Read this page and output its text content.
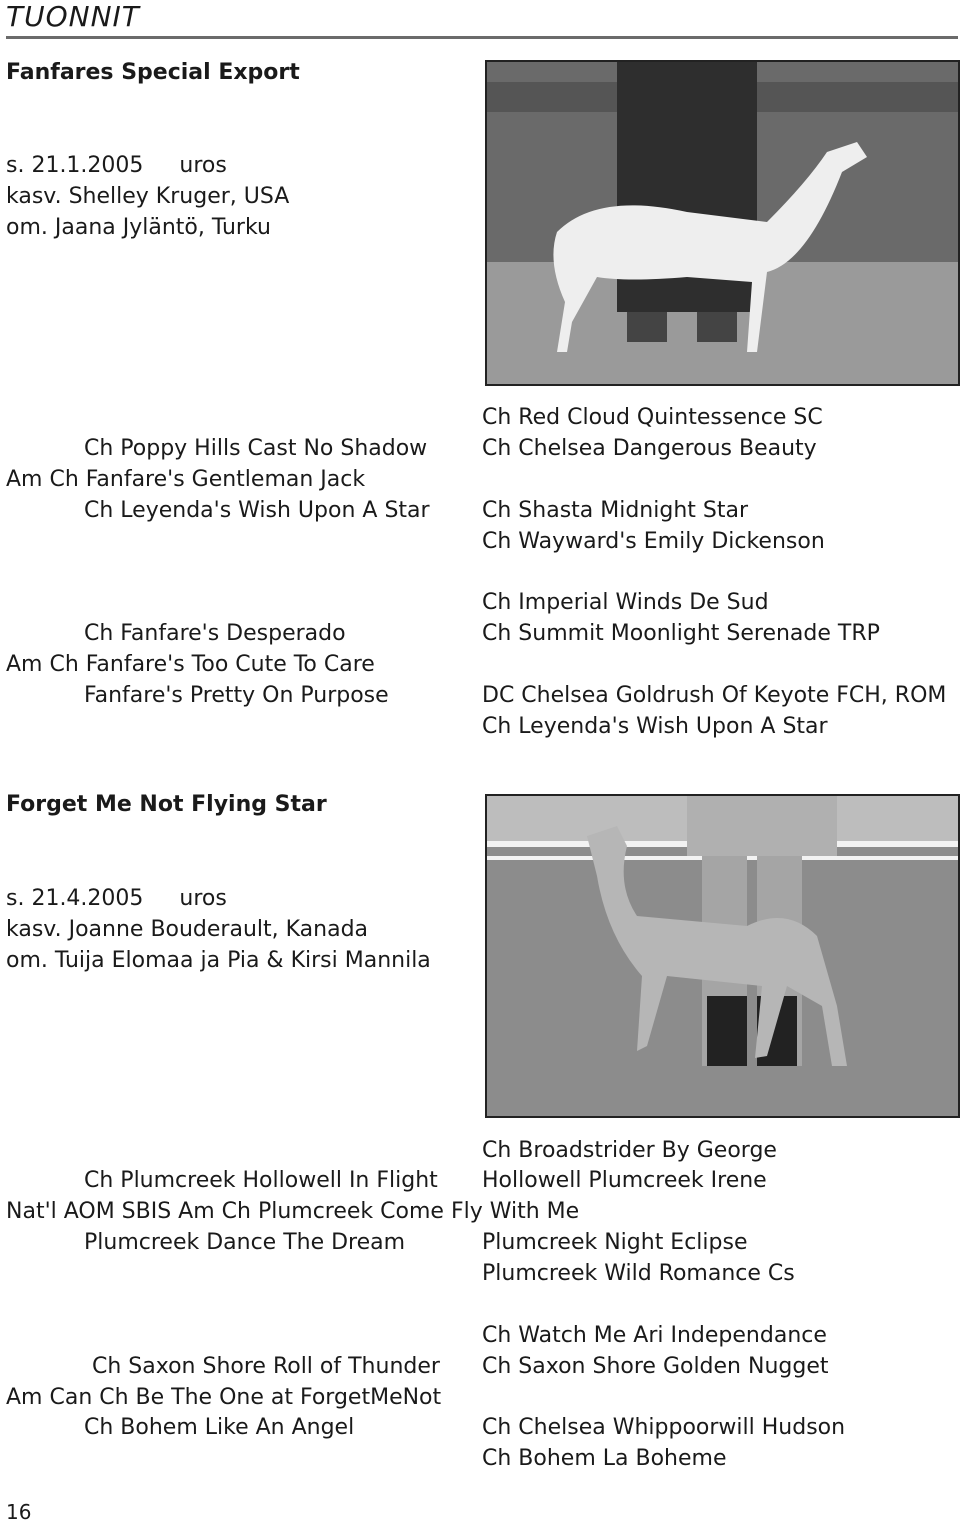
TUONNIT
Fanfares Special Export
s. 21.1.2005 uros
kasv. Shelley Kruger, USA
om. Jaana Jyläntö, Turku
Ch Poppy Hills Cast No Shadow
Am Ch Fanfare's Gentleman Jack
Ch Leyenda's Wish Upon A Star
Ch Fanfare's Desperado
Am Ch Fanfare's Too Cute To Care
Fanfare's Pretty On Purpose
Ch Red Cloud Quintessence SC
Ch Chelsea Dangerous Beauty
Ch Shasta Midnight Star
Ch Wayward's Emily Dickenson
Ch Imperial Winds De Sud
Ch Summit Moonlight Serenade TRP
DC Chelsea Goldrush Of Keyote FCH, ROM
Ch Leyenda's Wish Upon A Star
Forget Me Not Flying Star
s. 21.4.2005 uros
kasv. Joanne Bouderault, Kanada
om. Tuija Elomaa ja Pia & Kirsi Mannila
Ch Plumcreek Hollowell In Flight
Nat'l AOM SBIS Am Ch Plumcreek Come Fly With Me
Plumcreek Dance The Dream
Ch Saxon Shore Roll of Thunder
Am Can Ch Be The One at ForgetMeNot
Ch Bohem Like An Angel
Ch Broadstrider By George
Hollowell Plumcreek Irene
Plumcreek Night Eclipse
Plumcreek Wild Romance Cs
Ch Watch Me Ari Independance
Ch Saxon Shore Golden Nugget
Ch Chelsea Whippoorwill Hudson
Ch Bohem La Boheme
16
